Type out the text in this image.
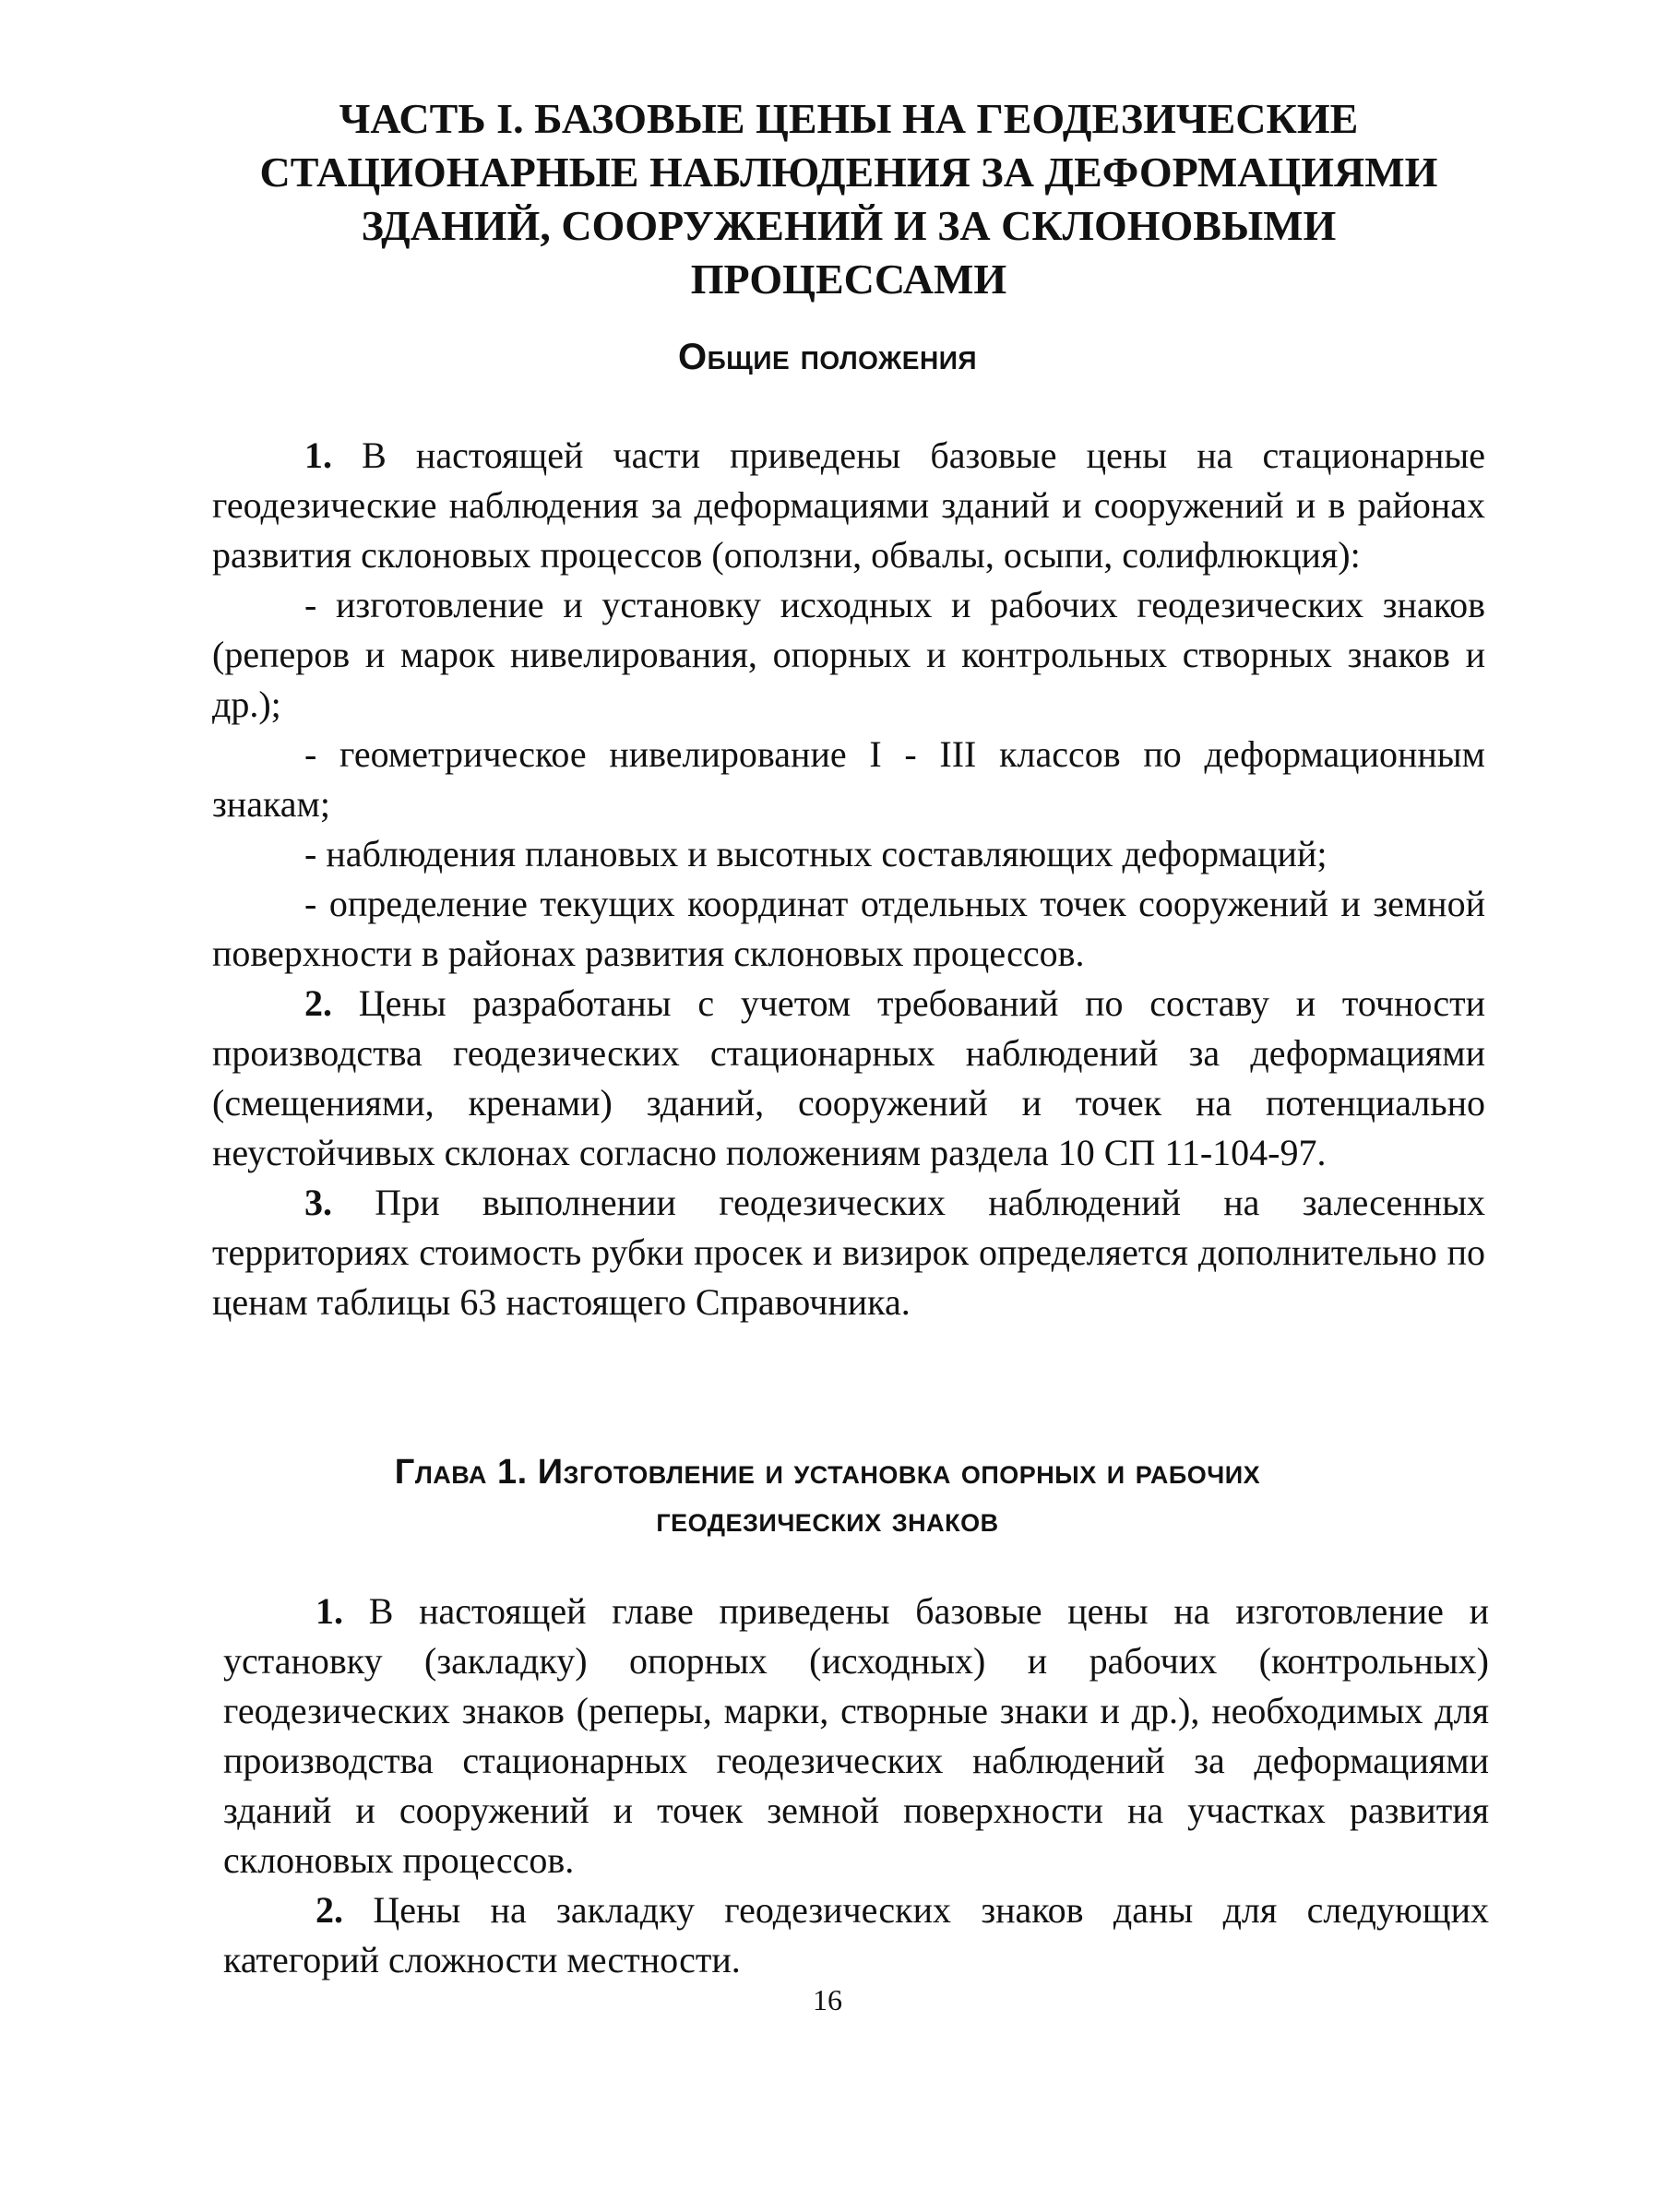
ЧАСТЬ I. БАЗОВЫЕ ЦЕНЫ НА ГЕОДЕЗИЧЕСКИЕ
СТАЦИОНАРНЫЕ НАБЛЮДЕНИЯ ЗА ДЕФОРМАЦИЯМИ
ЗДАНИЙ, СООРУЖЕНИЙ И ЗА СКЛОНОВЫМИ
ПРОЦЕССАМИ
Общие положения

1. В настоящей части приведены базовые цены на стационарные геодезические наблюдения за деформациями зданий и сооружений и в районах развития склоновых процессов (оползни, обвалы, осыпи, солифлюкция):

- изготовление и установку исходных и рабочих геодезических знаков (реперов и марок нивелирования, опорных и контрольных створных знаков и др.);

- геометрическое нивелирование I - III классов по деформационным знакам;

- наблюдения плановых и высотных составляющих деформаций;

- определение текущих координат отдельных точек сооружений и земной поверхности в районах развития склоновых процессов.

2. Цены разработаны с учетом требований по составу и точности производства геодезических стационарных наблюдений за деформациями (смещениями, кренами) зданий, сооружений и точек на потенциально неустойчивых склонах согласно положениям раздела 10 СП 11-104-97.

3. При выполнении геодезических наблюдений на залесенных территориях стоимость рубки просек и визирок определяется дополнительно по ценам таблицы 63 настоящего Справочника.

Глава 1. Изготовление и установка опорных и рабочих
геодезических знаков

1. В настоящей главе приведены базовые цены на изготовление и установку (закладку) опорных (исходных) и рабочих (контрольных) геодезических знаков (реперы, марки, створные знаки и др.), необходимых для производства стационарных геодезических наблюдений за деформациями зданий и сооружений и точек земной поверхности на участках развития склоновых процессов.

2. Цены на закладку геодезических знаков даны для следующих категорий сложности местности.

16
